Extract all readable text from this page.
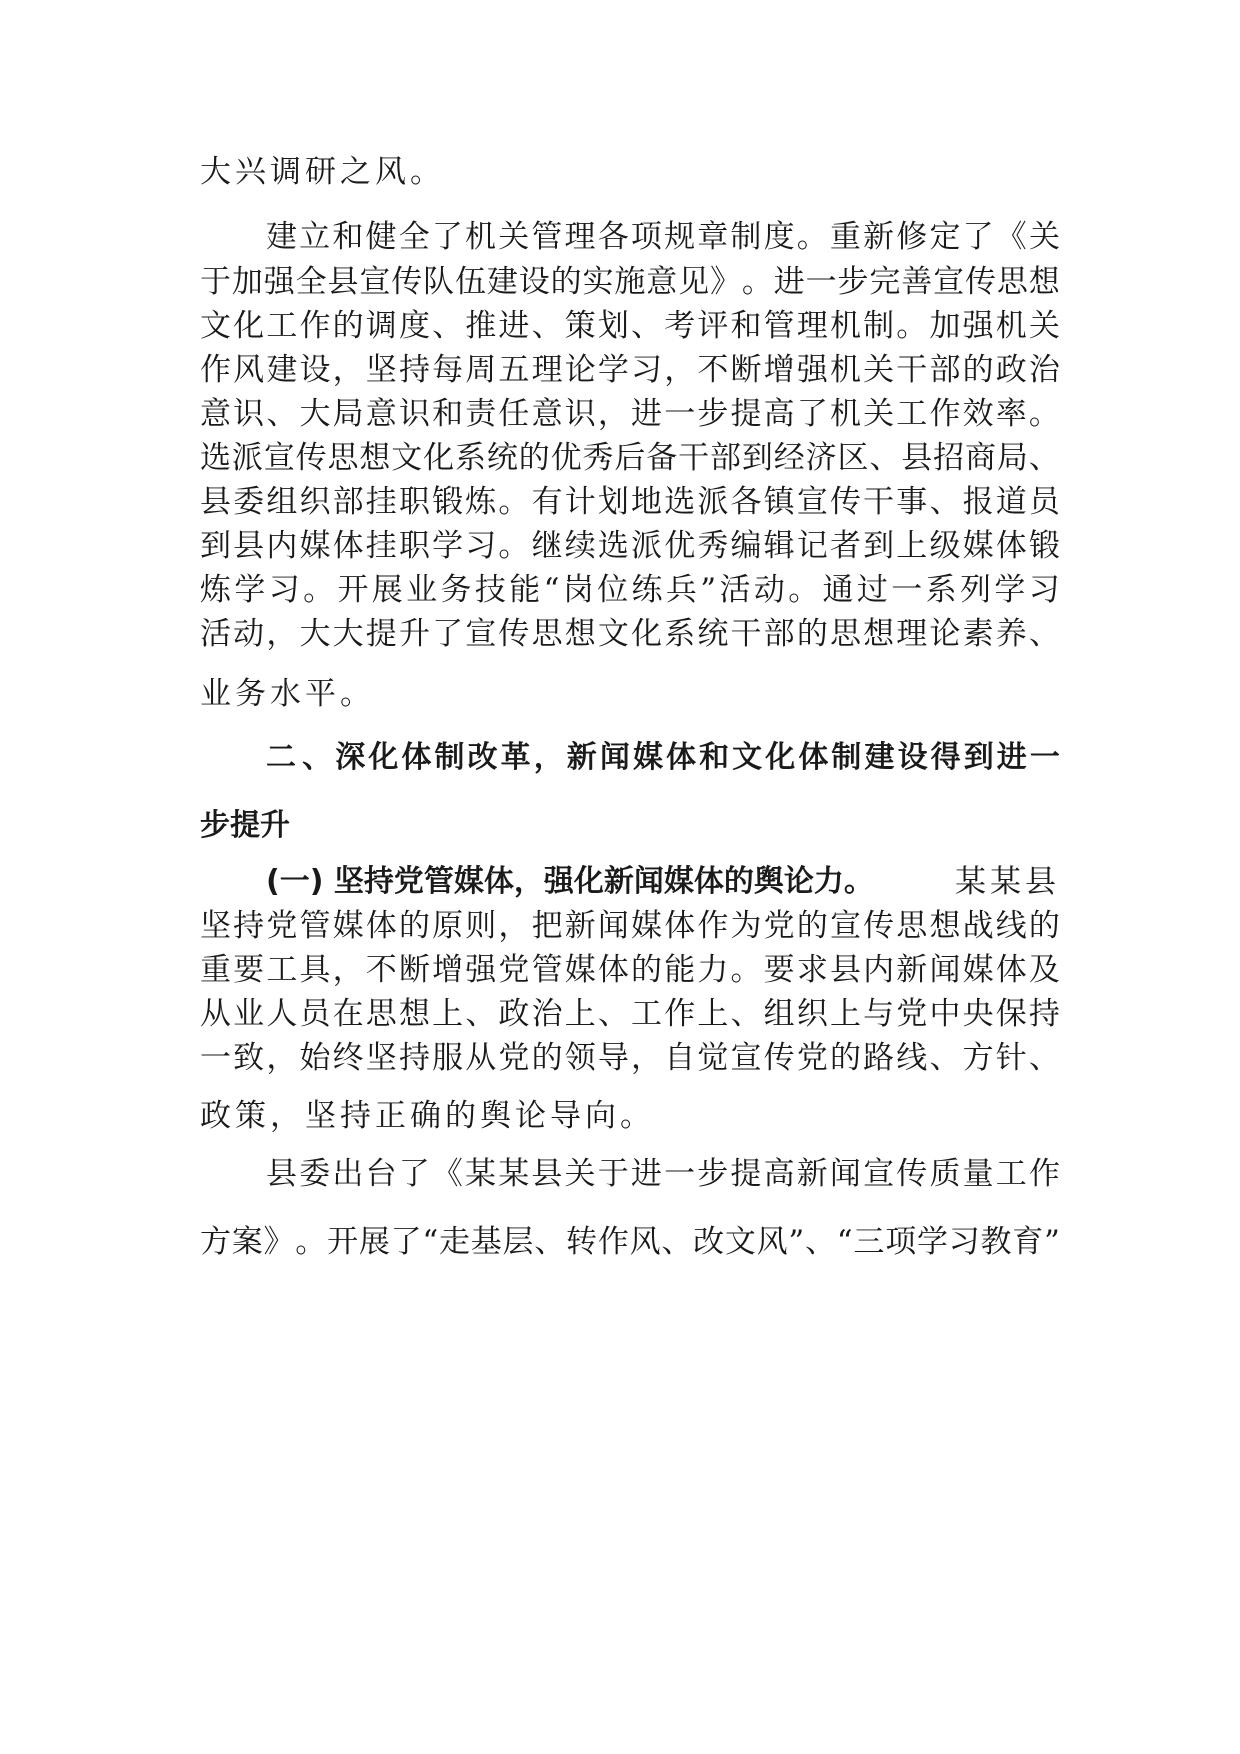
大兴调研之风。
建 立 和 健 全 了 机 关 管 理 各 项 规 章 制 度 。 重 新 修 定 了 《 关
于 加 强 全 县 宣 传 队 伍 建 设 的 实 施 意 见 》 。 进 一 步 完 善 宣 传 思 想
文 化 工 作 的 调 度 、 推 进 、 策 划 、 考 评 和 管 理 机 制 。 加 强 机 关
作 风 建 设 ， 坚 持 每 周 五 理 论 学 习 ， 不 断 增 强 机 关 干 部 的 政 治
意 识 、 大 局 意 识 和 责 任 意 识 ， 进 一 步 提 高 了 机 关 工 作 效 率 。
选 派 宣 传 思 想 文 化 系 统 的 优 秀 后 备 干 部 到 经 济 区 、 县 招 商 局 、
县 委 组 织 部 挂 职 锻 炼 。 有 计 划 地 选 派 各 镇 宣 传 干 事 、 报 道 员
到 县 内 媒 体 挂 职 学 习 。 继 续 选 派 优 秀 编 辑 记 者 到 上 级 媒 体 锻
炼 学 习 。 开 展 业 务 技 能 “ 岗 位 练 兵 ” 活 动 。 通 过 一 系 列 学 习
活 动 ， 大 大 提 升 了 宣 传 思 想 文 化 系 统 干 部 的 思 想 理 论 素 养 、
业务水平。
二 、 深 化 体 制 改 革 ， 新 闻 媒 体 和 文 化 体 制 建 设 得 到 进 一
步提升
(一) 坚持党管媒体，强化新闻媒体的舆论力。	某某县
坚 持 党 管 媒 体 的 原 则 ， 把 新 闻 媒 体 作 为 党 的 宣 传 思 想 战 线 的
重 要 工 具 ， 不 断 增 强 党 管 媒 体 的 能 力 。 要 求 县 内 新 闻 媒 体 及
从 业 人 员 在 思 想 上 、 政 治 上 、 工 作 上 、 组 织 上 与 党 中 央 保 持
一 致 ， 始 终 坚 持 服 从 党 的 领 导 ， 自 觉 宣 传 党 的 路 线 、 方 针 、
政策，坚持正确的舆论导向。
县 委 出 台 了 《 某 某 县 关 于 进 一 步 提 高 新 闻 宣 传 质 量 工 作
方 案 》 。 开 展 了 “ 走 基 层 、 转 作 风 、 改 文 风 ” 、 “ 三 项 学 习 教 育 ”
